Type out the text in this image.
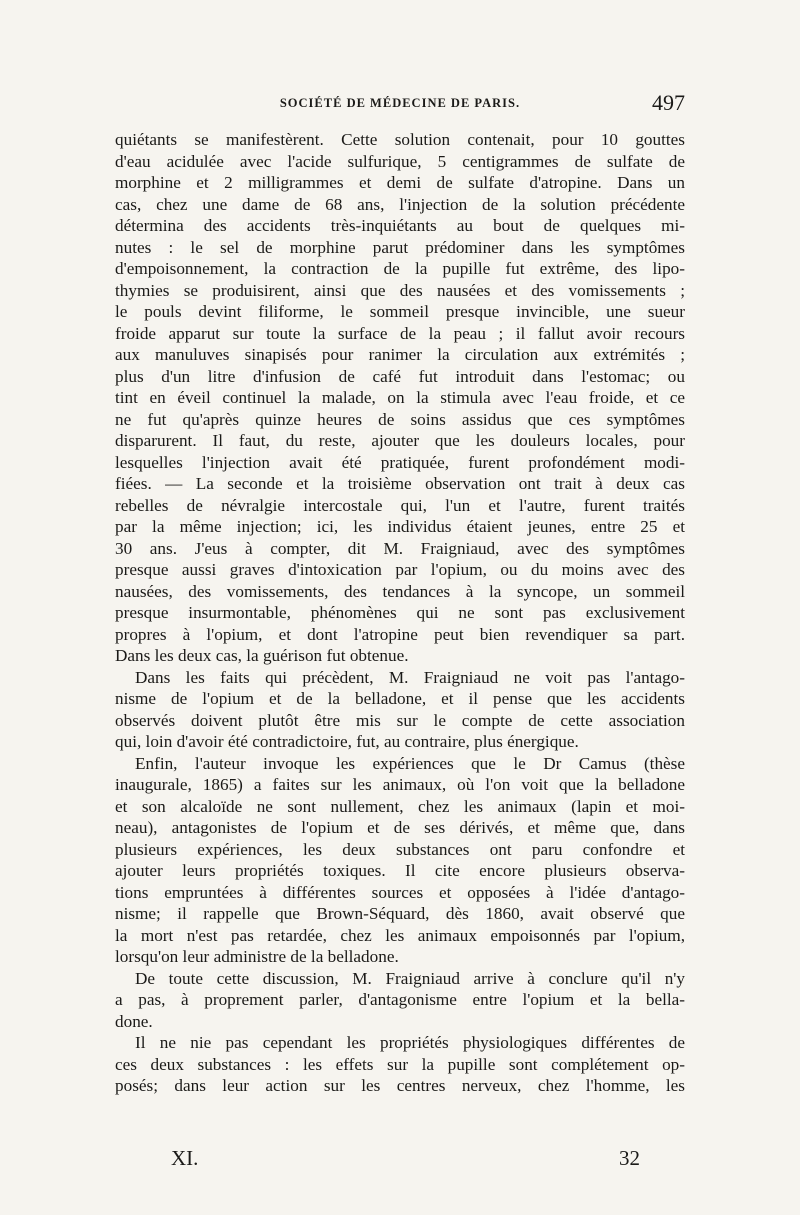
SOCIÉTÉ DE MÉDECINE DE PARIS.	497
quiétants se manifestèrent. Cette solution contenait, pour 10 gouttes
d'eau acidulée avec l'acide sulfurique, 5 centigrammes de sulfate de
morphine et 2 milligrammes et demi de sulfate d'atropine. Dans un
cas, chez une dame de 68 ans, l'injection de la solution précédente
détermina des accidents très-inquiétants au bout de quelques mi-
nutes : le sel de morphine parut prédominer dans les symptômes
d'empoisonnement, la contraction de la pupille fut extrême, des lipo-
thymies se produisirent, ainsi que des nausées et des vomissements ;
le pouls devint filiforme, le sommeil presque invincible, une sueur
froide apparut sur toute la surface de la peau ; il fallut avoir recours
aux manuluves sinapisés pour ranimer la circulation aux extrémités ;
plus d'un litre d'infusion de café fut introduit dans l'estomac; ou
tint en éveil continuel la malade, on la stimula avec l'eau froide, et ce
ne fut qu'après quinze heures de soins assidus que ces symptômes
disparurent. Il faut, du reste, ajouter que les douleurs locales, pour
lesquelles l'injection avait été pratiquée, furent profondément modi-
fiées. — La seconde et la troisième observation ont trait à deux cas
rebelles de névralgie intercostale qui, l'un et l'autre, furent traités
par la même injection; ici, les individus étaient jeunes, entre 25 et
30 ans. J'eus à compter, dit M. Fraigniaud, avec des symptômes
presque aussi graves d'intoxication par l'opium, ou du moins avec des
nausées, des vomissements, des tendances à la syncope, un sommeil
presque insurmontable, phénomènes qui ne sont pas exclusivement
propres à l'opium, et dont l'atropine peut bien revendiquer sa part.
Dans les deux cas, la guérison fut obtenue.
Dans les faits qui précèdent, M. Fraigniaud ne voit pas l'antago-
nisme de l'opium et de la belladone, et il pense que les accidents
observés doivent plutôt être mis sur le compte de cette association
qui, loin d'avoir été contradictoire, fut, au contraire, plus énergique.
Enfin, l'auteur invoque les expériences que le Dr Camus (thèse
inaugurale, 1865) a faites sur les animaux, où l'on voit que la belladone
et son alcaloïde ne sont nullement, chez les animaux (lapin et moi-
neau), antagonistes de l'opium et de ses dérivés, et même que, dans
plusieurs expériences, les deux substances ont paru confondre et
ajouter leurs propriétés toxiques. Il cite encore plusieurs observa-
tions empruntées à différentes sources et opposées à l'idée d'antago-
nisme; il rappelle que Brown-Séquard, dès 1860, avait observé que
la mort n'est pas retardée, chez les animaux empoisonnés par l'opium,
lorsqu'on leur administre de la belladone.
De toute cette discussion, M. Fraigniaud arrive à conclure qu'il n'y
a pas, à proprement parler, d'antagonisme entre l'opium et la bella-
done.
Il ne nie pas cependant les propriétés physiologiques différentes de
ces deux substances : les effets sur la pupille sont complétement op-
posés; dans leur action sur les centres nerveux, chez l'homme, les
XI.	32
